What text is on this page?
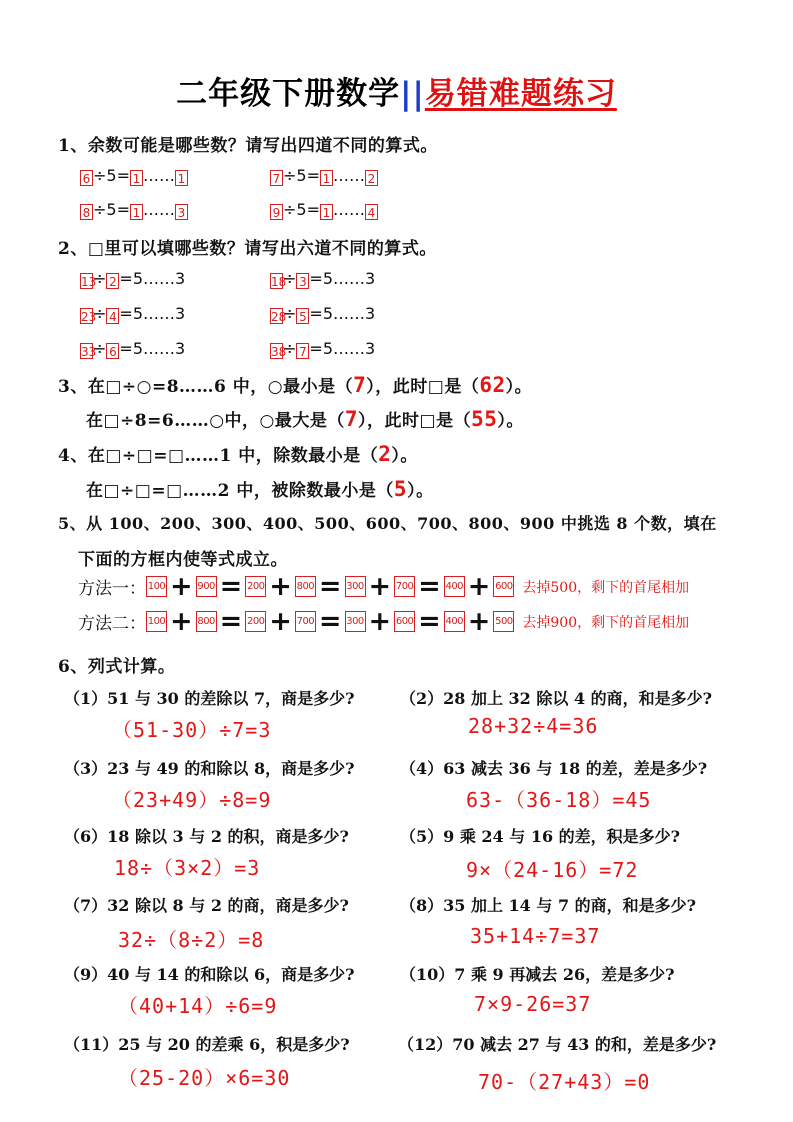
二年级下册数学||易错难题练习
1、余数可能是哪些数？请写出四道不同的算式。
6 ÷5= 1 …… 1	7 ÷5= 1 …… 2
8 ÷5= 1 …… 3	9 ÷5= 1 …… 4
2、□里可以填哪些数？请写出六道不同的算式。
13÷ 2 =5……3	18÷ 3 =5……3
23÷ 4 =5……3	28÷ 5 =5……3
33÷ 6 =5……3	38÷ 7 =5……3
3、在□÷○=8……6 中，○最小是（7），此时□是（62）。
在□÷8=6……○中，○最大是（7），此时□是（55）。
4、在□÷□=□……1 中，除数最小是（2）。
在□÷□=□……2 中，被除数最小是（5）。
5、从 100、200、300、400、500、600、700、800、900 中挑选 8 个数，填在
下面的方框内使等式成立。
方法一： 100 + 900 = 200 + 800 = 300 + 700 = 400 + 600 去掉500，剩下的首尾相加
方法二： 100 + 800 = 200 + 700 = 300 + 600 = 400 + 500 去掉900，剩下的首尾相加
6、列式计算。
（1）51 与 30 的差除以 7，商是多少?
（51-30）÷7=3
（2）28 加上 32 除以 4 的商，和是多少?
28+32÷4=36
（3）23 与 49 的和除以 8，商是多少?
（23+49）÷8=9
（4）63 减去 36 与 18 的差，差是多少?
63-（36-18）=45
（6）18 除以 3 与 2 的积，商是多少?
18÷（3×2）=3
（5）9 乘 24 与 16 的差，积是多少?
9×（24-16）=72
（7）32 除以 8 与 2 的商，商是多少?
32÷（8÷2）=8
（8）35 加上 14 与 7 的商，和是多少?
35+14÷7=37
（9）40 与 14 的和除以 6，商是多少?
（40+14）÷6=9
（10）7 乘 9 再减去 26，差是多少?
7×9-26=37
（11）25 与 20 的差乘 6，积是多少?
（25-20）×6=30
（12）70 减去 27 与 43 的和，差是多少?
70-（27+43）=0
